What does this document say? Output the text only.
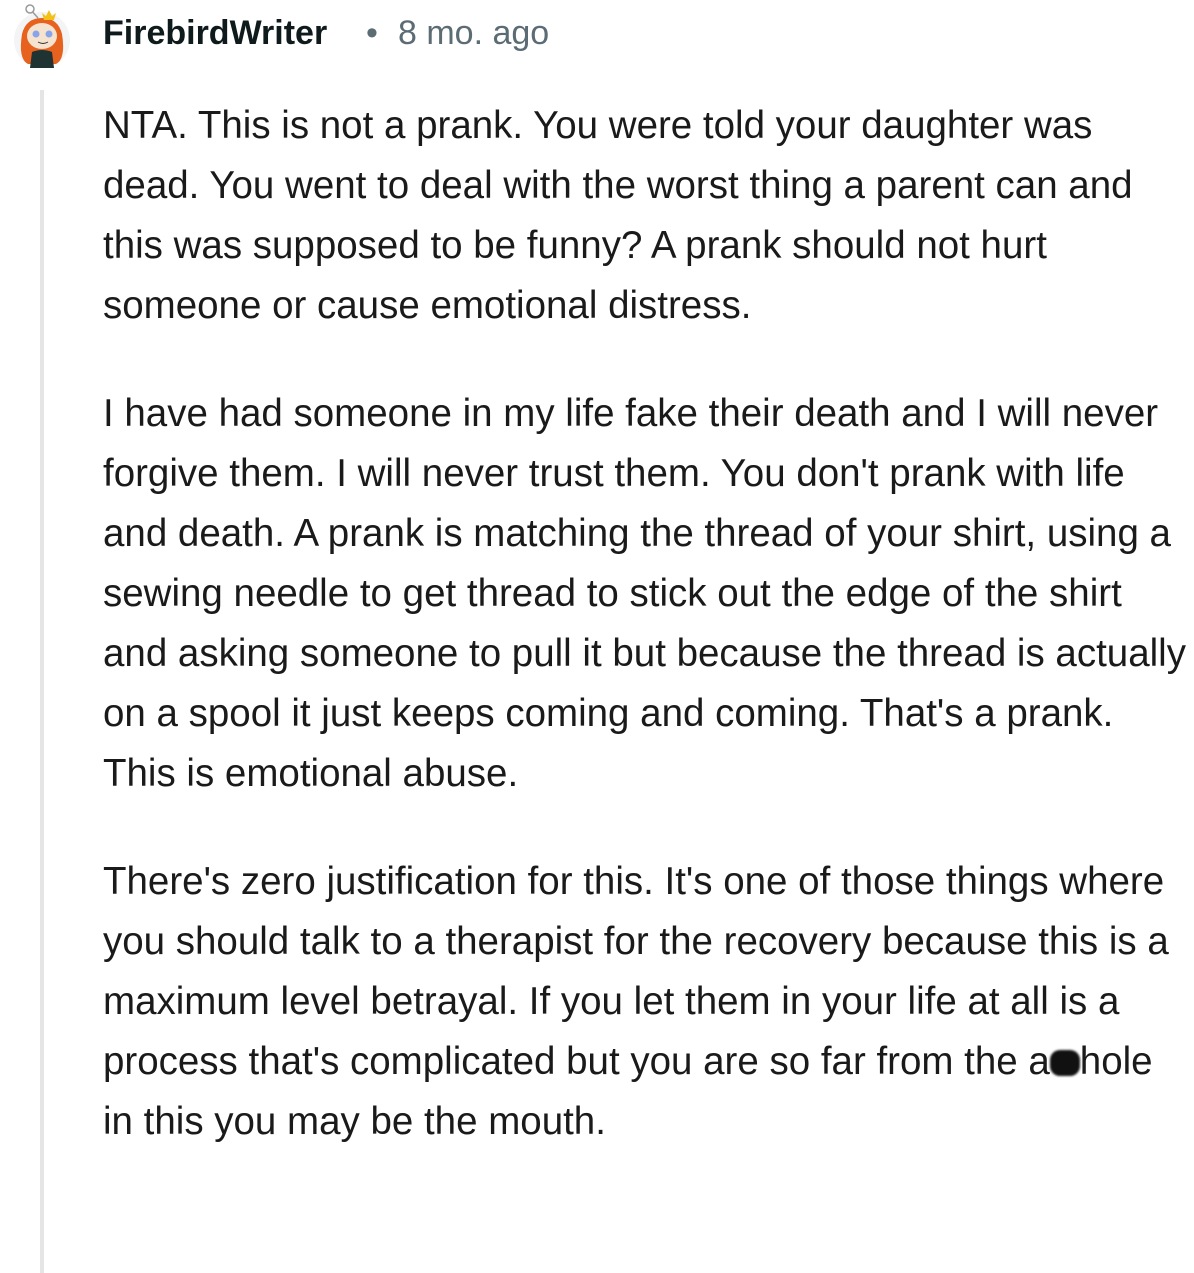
FirebirdWriter • 8 mo. ago

NTA. This is not a prank. You were told your daughter was dead. You went to deal with the worst thing a parent can and this was supposed to be funny? A prank should not hurt someone or cause emotional distress.

I have had someone in my life fake their death and I will never forgive them. I will never trust them. You don't prank with life and death. A prank is matching the thread of your shirt, using a sewing needle to get thread to stick out the edge of the shirt and asking someone to pull it but because the thread is actually on a spool it just keeps coming and coming. That's a prank. This is emotional abuse.

There's zero justification for this. It's one of those things where you should talk to a therapist for the recovery because this is a maximum level betrayal. If you let them in your life at all is a process that's complicated but you are so far from the a hole in this you may be the mouth.
